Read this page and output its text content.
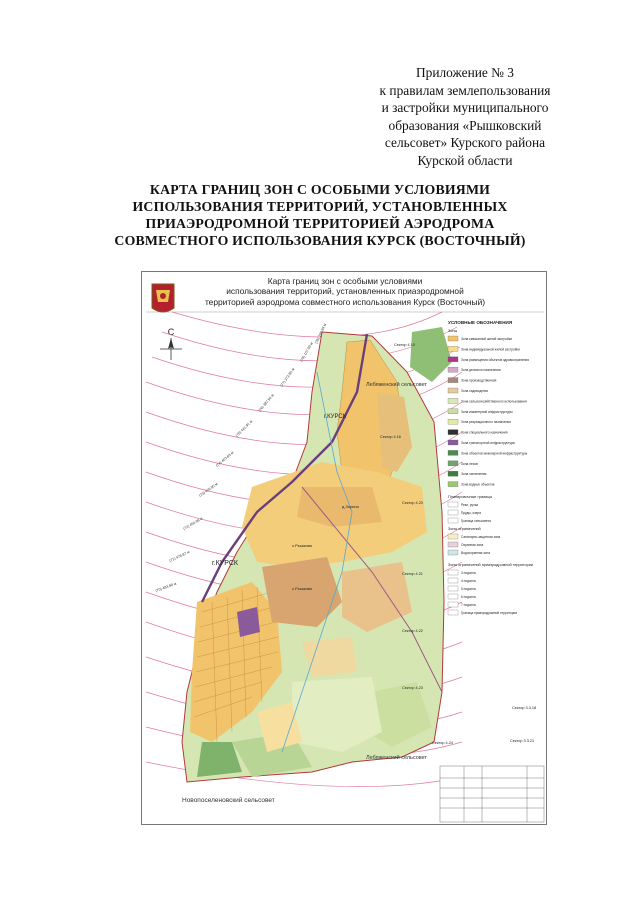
Приложение № 3
к правилам землепользования
и застройки муниципального
образования «Рышковский
сельсовет» Курского района
Курской области
КАРТА ГРАНИЦ ЗОН С ОСОБЫМИ УСЛОВИЯМИ
ИСПОЛЬЗОВАНИЯ ТЕРРИТОРИЙ, УСТАНОВЛЕННЫХ
ПРИАЭРОДРОМНОЙ ТЕРРИТОРИЕЙ АЭРОДРОМА
СОВМЕСТНОГО ИСПОЛЬЗОВАНИЯ КУРСК (ВОСТОЧНЫЙ)
Карта границ зон с особыми условиями
использования территорий, установленных приаэродромной
территорией аэродрома совместного использования Курск (Восточный)
С	(78) 100.93 м
(78) 107.99 м
(77) 372.85 м
(76) 387.56 м
(75) 441.91 м
(74) 403.83 м
(73) 429.95 м
(72) 454.96 м
(71) 478.87 м
(70) 483.98 м
г.КУРСК
г.КУРСК
д.Зорино
с.Рышково
с.Рышково
Лебяженский сельсовет
Лебяженский сельсовет
Новопоселеновский сельсовет
Сектор 4.10
Сектор 4.16
Сектор 4.20
Сектор 4.21
Сектор 4.22
Сектор 4.23
Сектор 4.24
Сектор 3.3.18
Сектор 3.3.21
УСЛОВНЫЕ ОБОЗНАЧЕНИЯ
Зоны
Зона смешанной жилой застройки
Зона индивидуальной жилой застройки
Зона размещения объектов здравоохранения
Зона делового назначения
Зона производственная
Зона садоводства
Зона сельскохозяйственного использования
Зона инженерной инфраструктуры
Зона рекреационного назначения
Зона специального назначения
Зона транспортной инфраструктуры
Зона объектов инженерной инфраструктуры
Зона лесов
Зона озеленения
Зона водных объектов
Планировочные границы
Реки, ручьи
Пруды, озера
Граница сельсовета
Зоны ограничений
Санитарно-защитная зона
Охранная зона
Водоохранная зона
Зоны ограничений приаэродромной территории
3 подзона
4 подзона
5 подзона
6 подзона
7 подзона
Граница приаэродромной территории
